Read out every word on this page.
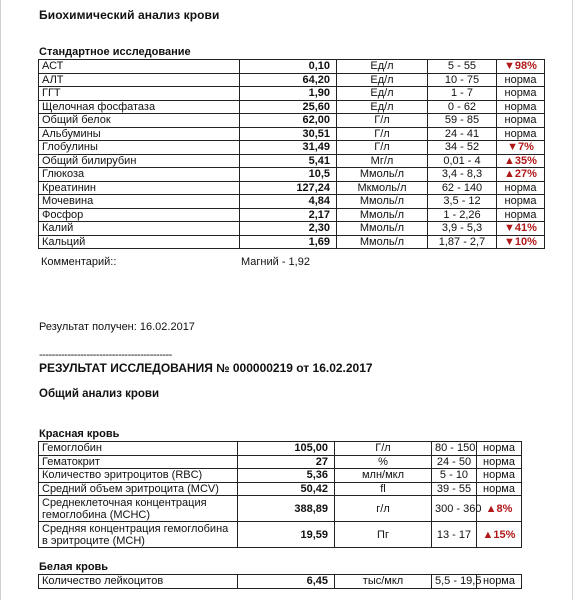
Биохимический анализ крови
Стандартное исследование
АСТ	0,10	Ед/л	5 - 55	▼98%
АЛТ	64,20	Ед/л	10 - 75	норма
ГГТ	1,90	Ед/л	1 - 7	норма
Щелочная фосфатаза	25,60	Ед/л	0 - 62	норма
Общий белок	62,00	Г/л	59 - 85	норма
Альбумины	30,51	Г/л	24 - 41	норма
Глобулины	31,49	Г/л	34 - 52	▼7%
Общий билирубин	5,41	Мг/л	0,01 - 4	▲35%
Глюкоза	10,5	Ммоль/л	3,4 - 8,3	▲27%
Креатинин	127,24	Мкмоль/л	62 - 140	норма
Мочевина	4,84	Ммоль/л	3,5 - 12	норма
Фосфор	2,17	Ммоль/л	1 - 2,26	норма
Калий	2,30	Ммоль/л	3,9 - 5,3	▼41%
Кальций	1,69	Ммоль/л	1,87 - 2,7	▼10%
Комментарий::	Магний - 1,92
Результат получен: 16.02.2017
------------------------------------------
РЕЗУЛЬТАТ ИССЛЕДОВАНИЯ № 000000219 от 16.02.2017
Общий анализ крови
Красная кровь
Гемоглобин	105,00	Г/л	80 - 150	норма
Гематокрит	27	%	24 - 50	норма
Количество эритроцитов (RBC)	5,36	млн/мкл	5 - 10	норма
Средний объем эритроцита (MCV)	50,42	fl	39 - 55	норма
Среднеклеточная концентрация гемоглобина (МСНС)	388,89	г/л	300 - 360	▲8%
Средняя концентрация гемоглобина в эритроците (МСН)	19,59	Пг	13 - 17	▲15%
Белая кровь
Количество лейкоцитов	6,45	тыс/мкл	5,5 - 19,5	норма
